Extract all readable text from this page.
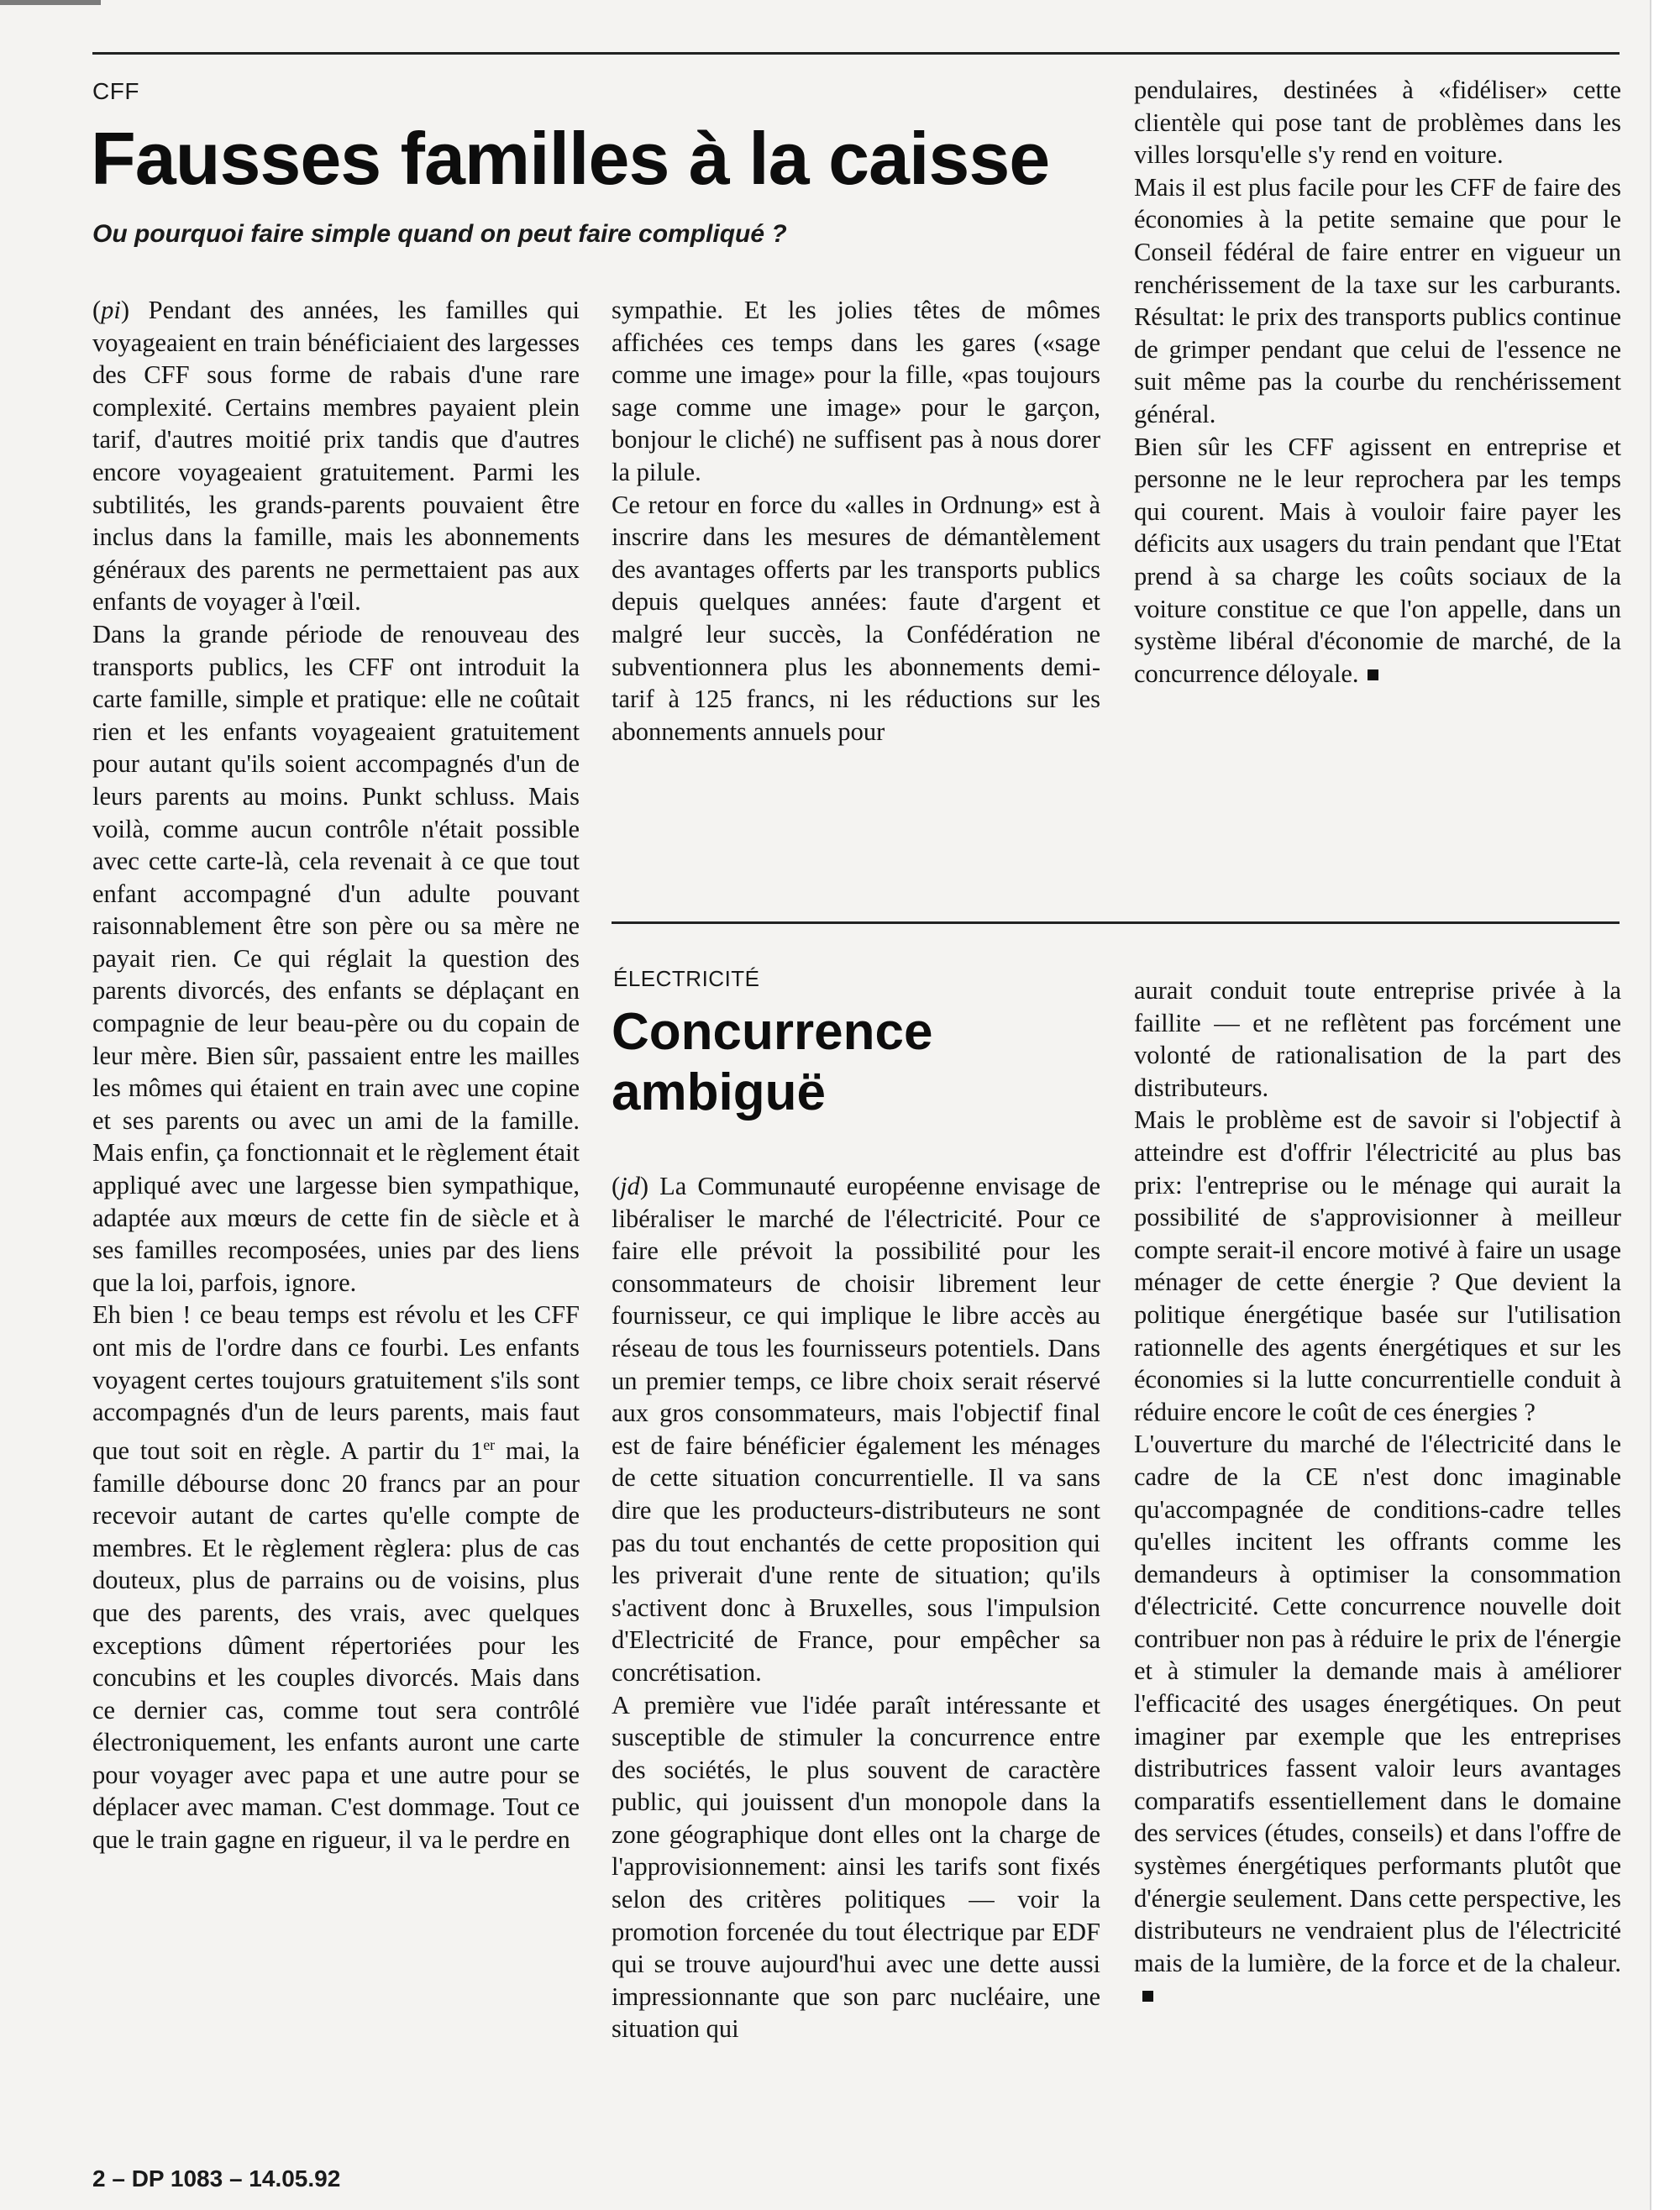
CFF
Fausses familles à la caisse
Ou pourquoi faire simple quand on peut faire compliqué ?

(pi) Pendant des années, les familles qui voyageaient en train bénéficiaient des largesses des CFF sous forme de rabais d'une rare complexité. Certains membres payaient plein tarif, d'autres moitié prix tandis que d'autres encore voyageaient gratuitement. Parmi les subtilités, les grands-parents pouvaient être inclus dans la famille, mais les abonnements généraux des parents ne permettaient pas aux enfants de voyager à l'œil.

Dans la grande période de renouveau des transports publics, les CFF ont introduit la carte famille, simple et pratique: elle ne coûtait rien et les enfants voyageaient gratuitement pour autant qu'ils soient accompagnés d'un de leurs parents au moins. Punkt schluss. Mais voilà, comme aucun contrôle n'était possible avec cette carte-là, cela revenait à ce que tout enfant accompagné d'un adulte pouvant raisonnablement être son père ou sa mère ne payait rien. Ce qui réglait la question des parents divorcés, des enfants se déplaçant en compagnie de leur beau-père ou du copain de leur mère. Bien sûr, passaient entre les mailles les mômes qui étaient en train avec une copine et ses parents ou avec un ami de la famille. Mais enfin, ça fonctionnait et le règlement était appliqué avec une largesse bien sympathique, adaptée aux mœurs de cette fin de siècle et à ses familles recomposées, unies par des liens que la loi, parfois, ignore.

Eh bien ! ce beau temps est révolu et les CFF ont mis de l'ordre dans ce fourbi. Les enfants voyagent certes toujours gratuitement s'ils sont accompagnés d'un de leurs parents, mais faut que tout soit en règle. A partir du 1er mai, la famille débourse donc 20 francs par an pour recevoir autant de cartes qu'elle compte de membres. Et le règlement règlera: plus de cas douteux, plus de parrains ou de voisins, plus que des parents, des vrais, avec quelques exceptions dûment répertoriées pour les concubins et les couples divorcés. Mais dans ce dernier cas, comme tout sera contrôlé électroniquement, les enfants auront une carte pour voyager avec papa et une autre pour se déplacer avec maman. C'est dommage. Tout ce que le train gagne en rigueur, il va le perdre en

sympathie. Et les jolies têtes de mômes affichées ces temps dans les gares («sage comme une image» pour la fille, «pas toujours sage comme une image» pour le garçon, bonjour le cliché) ne suffisent pas à nous dorer la pilule.

Ce retour en force du «alles in Ordnung» est à inscrire dans les mesures de démantèlement des avantages offerts par les transports publics depuis quelques années: faute d'argent et malgré leur succès, la Confédération ne subventionnera plus les abonnements demi-tarif à 125 francs, ni les réductions sur les abonnements annuels pour

pendulaires, destinées à «fidéliser» cette clientèle qui pose tant de problèmes dans les villes lorsqu'elle s'y rend en voiture.

Mais il est plus facile pour les CFF de faire des économies à la petite semaine que pour le Conseil fédéral de faire entrer en vigueur un renchérissement de la taxe sur les carburants. Résultat: le prix des transports publics continue de grimper pendant que celui de l'essence ne suit même pas la courbe du renchérissement général.

Bien sûr les CFF agissent en entreprise et personne ne le leur reprochera par les temps qui courent. Mais à vouloir faire payer les déficits aux usagers du train pendant que l'Etat prend à sa charge les coûts sociaux de la voiture constitue ce que l'on appelle, dans un système libéral d'économie de marché, de la concurrence déloyale.

ÉLECTRICITÉ
Concurrence
ambiguë

(jd) La Communauté européenne envisage de libéraliser le marché de l'électricité. Pour ce faire elle prévoit la possibilité pour les consommateurs de choisir librement leur fournisseur, ce qui implique le libre accès au réseau de tous les fournisseurs potentiels. Dans un premier temps, ce libre choix serait réservé aux gros consommateurs, mais l'objectif final est de faire bénéficier également les ménages de cette situation concurrentielle. Il va sans dire que les producteurs-distributeurs ne sont pas du tout enchantés de cette proposition qui les priverait d'une rente de situation; qu'ils s'activent donc à Bruxelles, sous l'impulsion d'Electricité de France, pour empêcher sa concrétisation.

A première vue l'idée paraît intéressante et susceptible de stimuler la concurrence entre des sociétés, le plus souvent de caractère public, qui jouissent d'un monopole dans la zone géographique dont elles ont la charge de l'approvisionnement: ainsi les tarifs sont fixés selon des critères politiques — voir la promotion forcenée du tout électrique par EDF qui se trouve aujourd'hui avec une dette aussi impressionnante que son parc nucléaire, une situation qui

aurait conduit toute entreprise privée à la faillite — et ne reflètent pas forcément une volonté de rationalisation de la part des distributeurs.

Mais le problème est de savoir si l'objectif à atteindre est d'offrir l'électricité au plus bas prix: l'entreprise ou le ménage qui aurait la possibilité de s'approvisionner à meilleur compte serait-il encore motivé à faire un usage ménager de cette énergie ? Que devient la politique énergétique basée sur l'utilisation rationnelle des agents énergétiques et sur les économies si la lutte concurrentielle conduit à réduire encore le coût de ces énergies ?

L'ouverture du marché de l'électricité dans le cadre de la CE n'est donc imaginable qu'accompagnée de conditions-cadre telles qu'elles incitent les offrants comme les demandeurs à optimiser la consommation d'électricité. Cette concurrence nouvelle doit contribuer non pas à réduire le prix de l'énergie et à stimuler la demande mais à améliorer l'efficacité des usages énergétiques. On peut imaginer par exemple que les entreprises distributrices fassent valoir leurs avantages comparatifs essentiellement dans le domaine des services (études, conseils) et dans l'offre de systèmes énergétiques performants plutôt que d'énergie seulement. Dans cette perspective, les distributeurs ne vendraient plus de l'électricité mais de la lumière, de la force et de la chaleur.

2 – DP 1083 – 14.05.92
